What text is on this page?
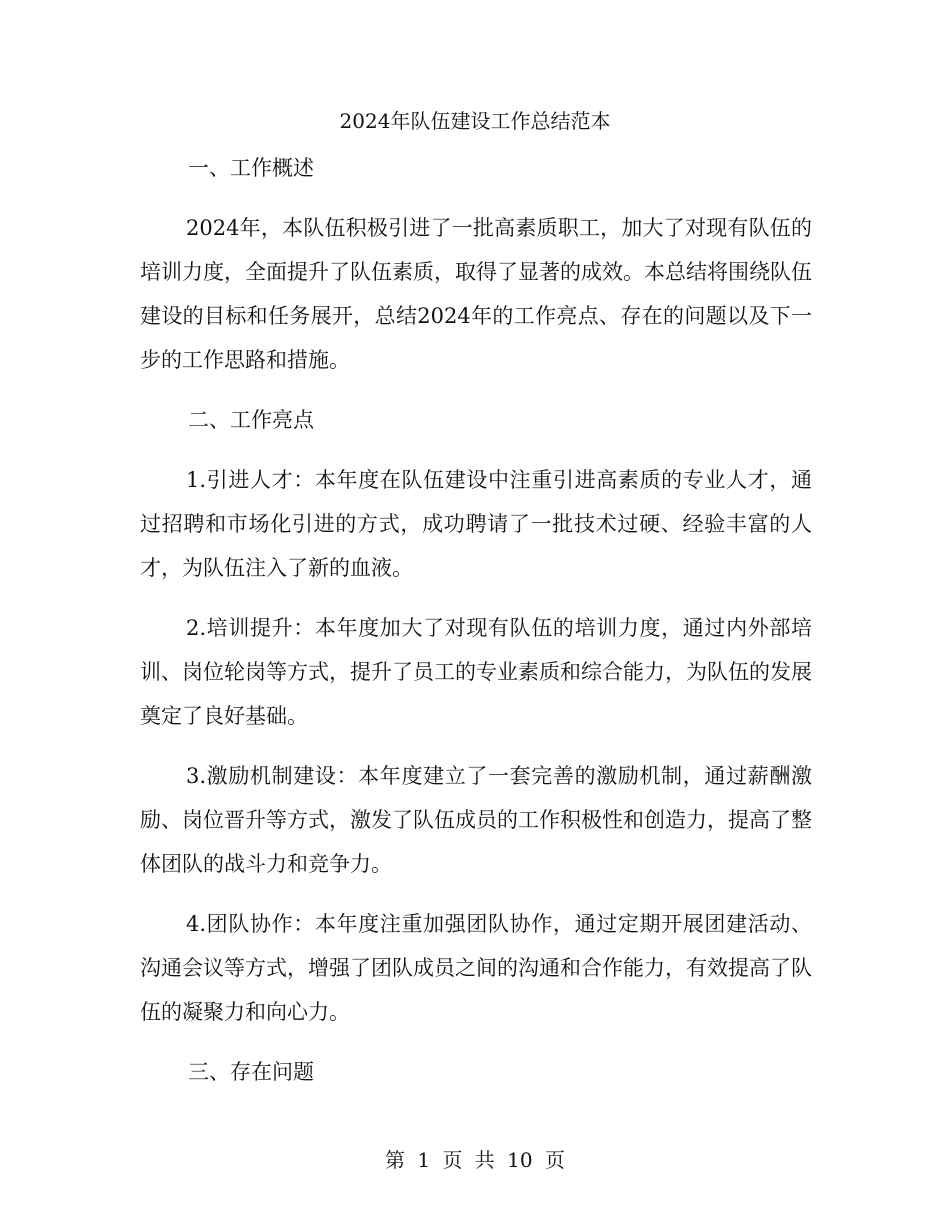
2024年队伍建设工作总结范本

一、工作概述

2024年，本队伍积极引进了一批高素质职工，加大了对现有队伍的培训力度，全面提升了队伍素质，取得了显著的成效。本总结将围绕队伍建设的目标和任务展开，总结2024年的工作亮点、存在的问题以及下一步的工作思路和措施。

二、工作亮点

1.引进人才：本年度在队伍建设中注重引进高素质的专业人才，通过招聘和市场化引进的方式，成功聘请了一批技术过硬、经验丰富的人才，为队伍注入了新的血液。

2.培训提升：本年度加大了对现有队伍的培训力度，通过内外部培训、岗位轮岗等方式，提升了员工的专业素质和综合能力，为队伍的发展奠定了良好基础。

3.激励机制建设：本年度建立了一套完善的激励机制，通过薪酬激励、岗位晋升等方式，激发了队伍成员的工作积极性和创造力，提高了整体团队的战斗力和竞争力。

4.团队协作：本年度注重加强团队协作，通过定期开展团建活动、沟通会议等方式，增强了团队成员之间的沟通和合作能力，有效提高了队伍的凝聚力和向心力。

三、存在问题

第 1 页 共 10 页
